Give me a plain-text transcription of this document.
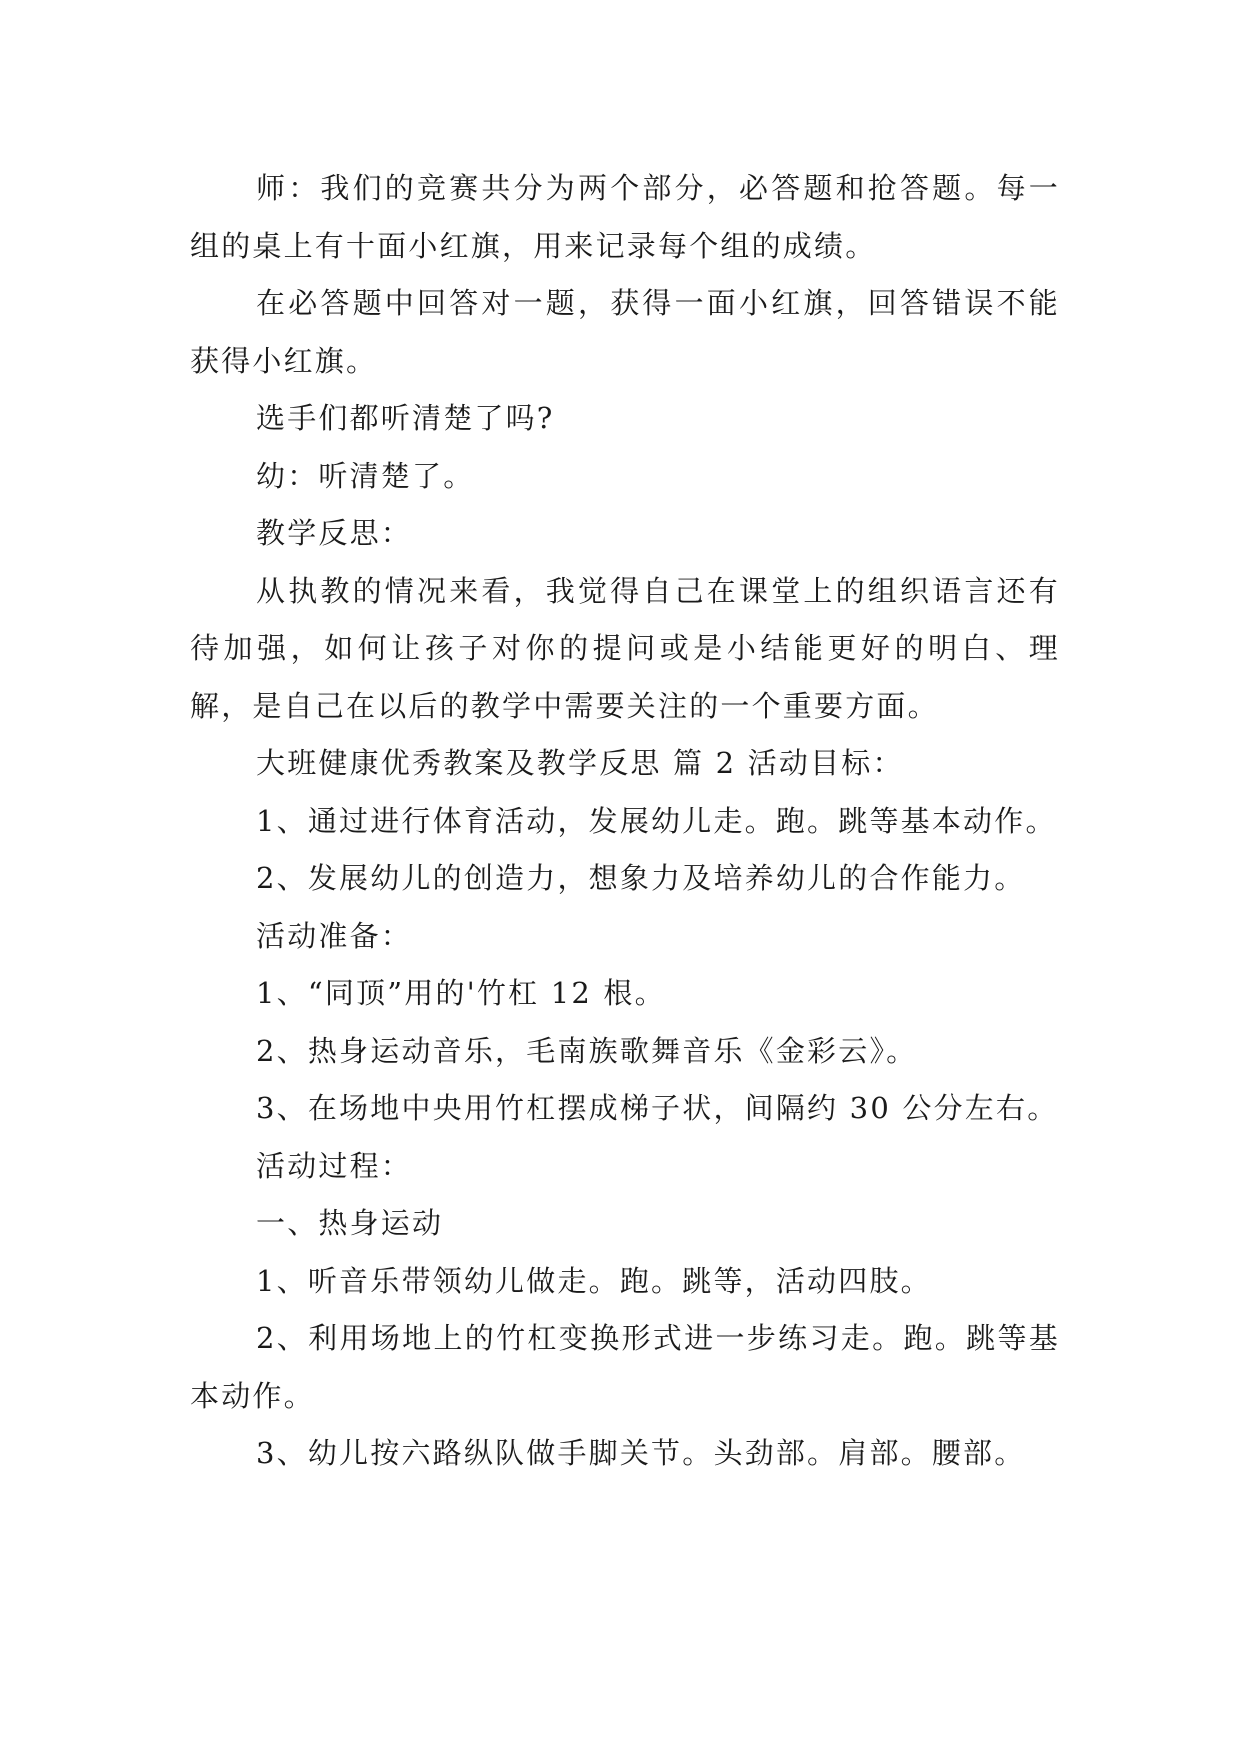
师：我们的竞赛共分为两个部分，必答题和抢答题。每一组的桌上有十面小红旗，用来记录每个组的成绩。

在必答题中回答对一题，获得一面小红旗，回答错误不能获得小红旗。

选手们都听清楚了吗?

幼：听清楚了。

教学反思：

从执教的情况来看，我觉得自己在课堂上的组织语言还有待加强，如何让孩子对你的提问或是小结能更好的明白、理解，是自己在以后的教学中需要关注的一个重要方面。

大班健康优秀教案及教学反思 篇 2 活动目标：

1、通过进行体育活动，发展幼儿走。跑。跳等基本动作。

2、发展幼儿的创造力，想象力及培养幼儿的合作能力。

活动准备：

1、“同顶”用的'竹杠 12 根。

2、热身运动音乐，毛南族歌舞音乐《金彩云》。

3、在场地中央用竹杠摆成梯子状，间隔约 30 公分左右。

活动过程：

一、热身运动

1、听音乐带领幼儿做走。跑。跳等，活动四肢。

2、利用场地上的竹杠变换形式进一步练习走。跑。跳等基本动作。

3、幼儿按六路纵队做手脚关节。头劲部。肩部。腰部。
